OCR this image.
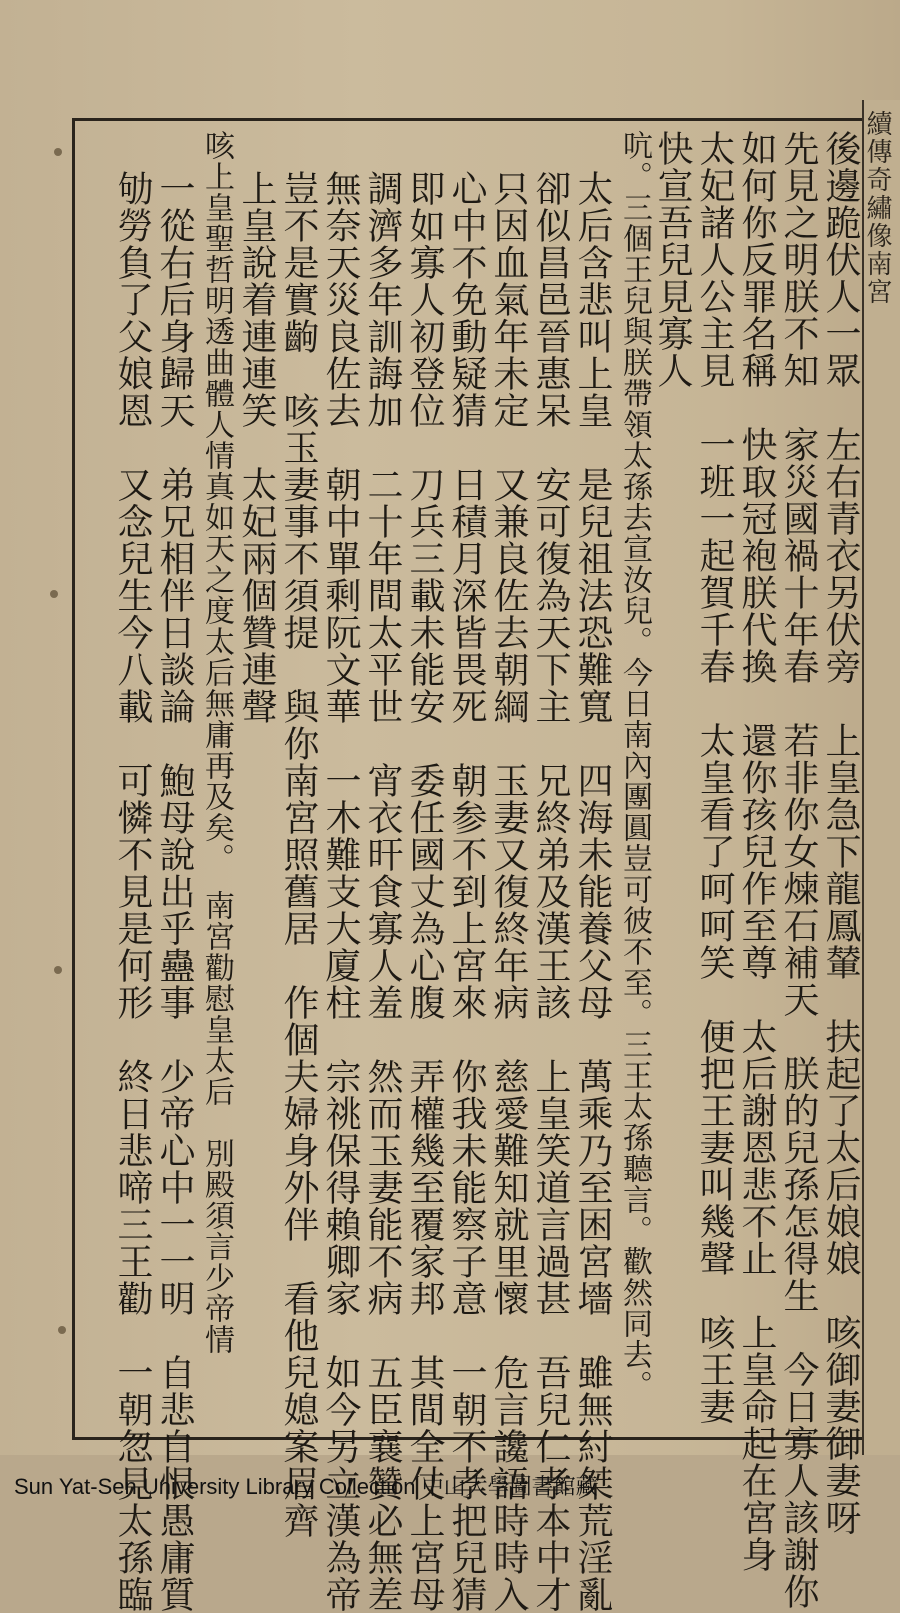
續傳奇繡像南宮
後邊跪伏人一眾　左右青衣另伏旁　上皇急下龍鳳輦　扶起了太后娘娘　咳御妻御妻呀
先見之明朕不知　家災國禍十年春　若非你女煉石補天　朕的兒孫怎得生　今日寡人該謝你
如何你反罪名稱　快取冠袍朕代換　還你孩兒作至尊　太后謝恩悲不止　上皇命起在宮身
太妃諸人公主見　一班一起賀千春　太皇看了呵呵笑　便把王妻叫幾聲　咳王妻
快宣吾兒見寡人
吭。三個王兒與朕帶領太孫去宣汝兒。今日南內團圓豈可彼不至。三王太孫聽言。歡然同去。
太后含悲叫上皇　是兒祖法恐難寬　四海未能養父母　萬乘乃至困宮墻　雖無紂桀荒淫亂
卻似昌邑晉惠呆　安可復為天下主　兄終弟及漢王該　上皇笑道言過甚　吾兒仁孝本中才
只因血氣年未定　又兼良佐去朝綱　玉妻又復終年病　慈愛難知就里懷　危言讒語時時入
心中不免動疑猜　日積月深皆畏死　朝参不到上宮來　你我未能察子意　一朝不孝把兒猜
即如寡人初登位　刀兵三載未能安　委任國丈為心腹　弄權幾至覆家邦　其間全仗上宮母
調濟多年訓誨加　二十年間太平世　宵衣旰食寡人羞　然而玉妻能不病　五臣襄贊必無差
無奈天災良佐去　朝中單剩阮文華　一木難支大廈柱　宗祧保得賴卿家　如今另立漢為帝
豈不是實齣　咳玉妻事不須提　與你南宮照舊居　作個夫婦身外伴　看他兒媳案眉齊
上皇說着連連笑　太妃兩個贊連聲
咳上皇聖哲明透曲體人情真如天之度太后無庸再及矣。　南宮勸慰皇太后　別殿須言少帝情
一從右后身歸天　弟兄相伴日談論　鮑母說出乎蠱事　少帝心中一一明　自悲自恨愚庸質
劬勞負了父娘恩　又念兒生今八載　可憐不見是何形　終日悲啼三王勸　一朝忽見太孫臨
Sun Yat-Sen University Library Collection 中山大學圖書館藏
